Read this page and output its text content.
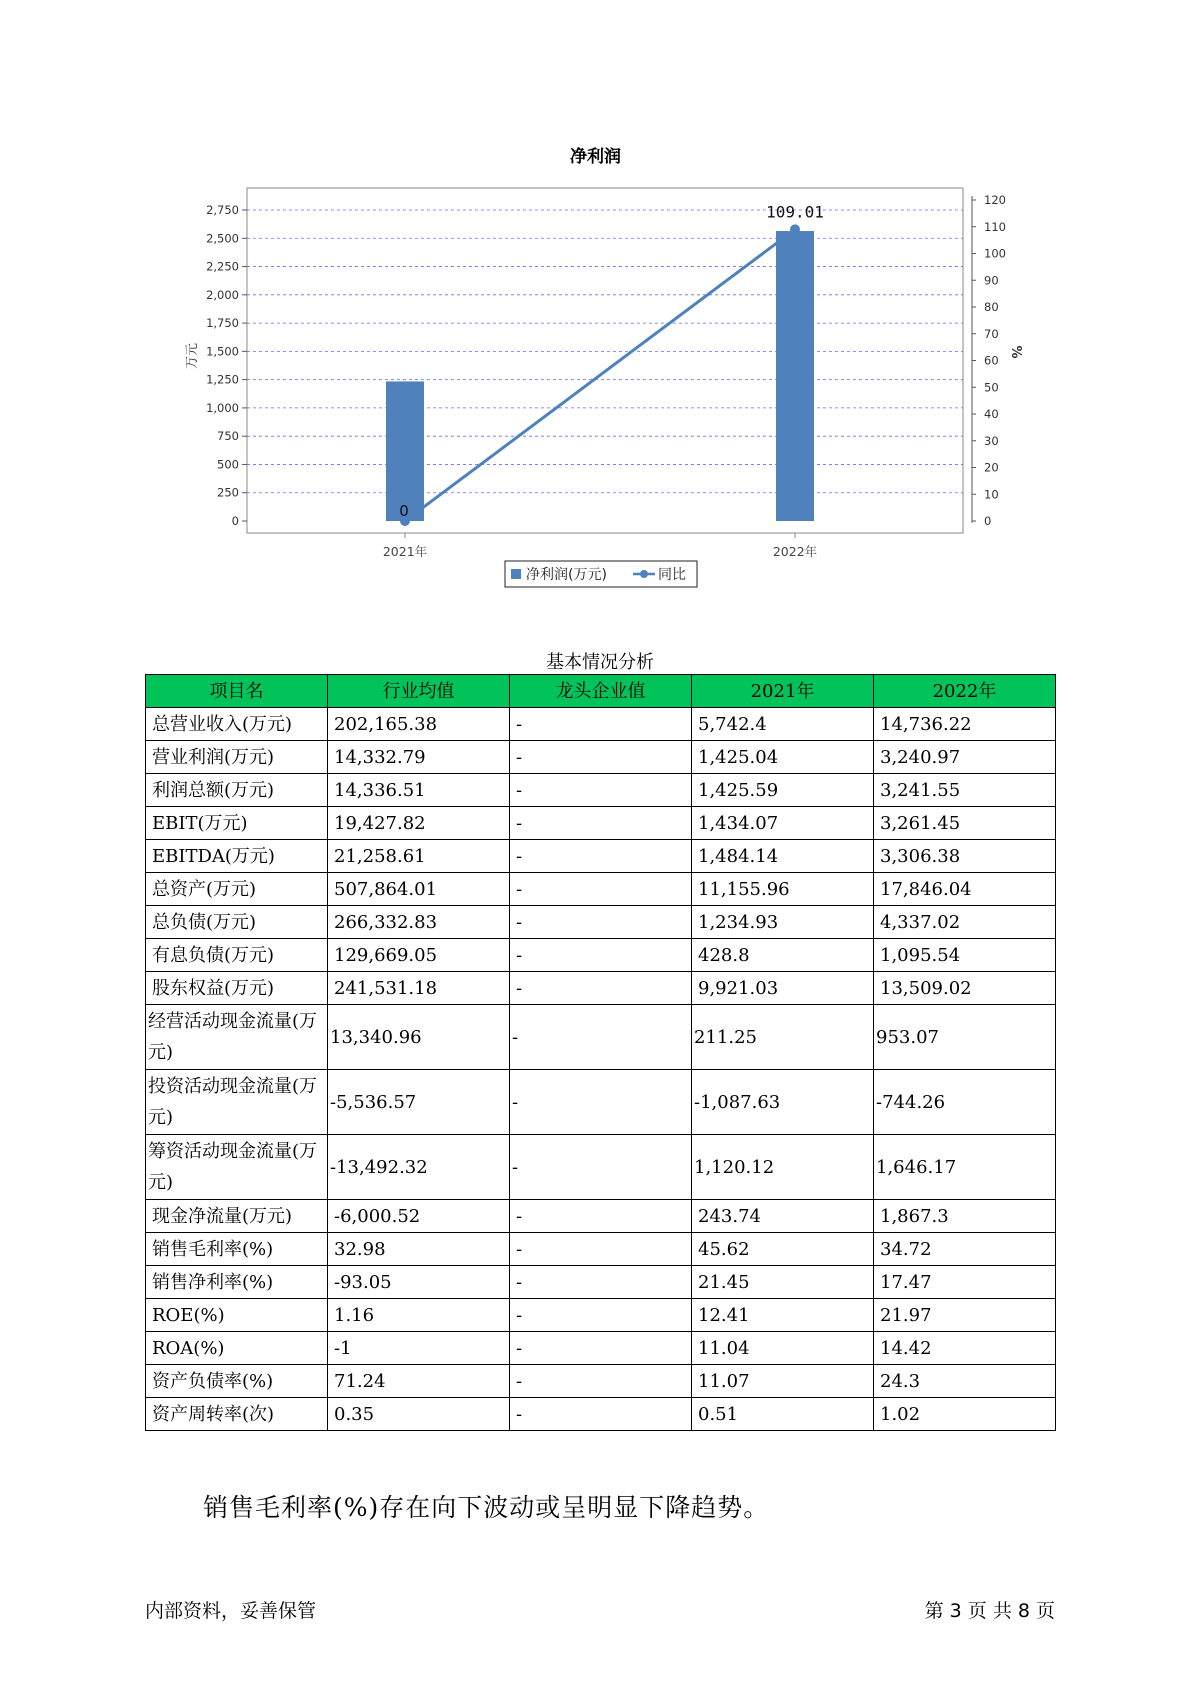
净利润
0
250
500
750
1,000
1,250
1,500
1,750
2,000
2,250
2,500
2,750
0
10
20
30
40
50
60
70
80
90
100
110
120
万元	%
2021年	2022年
0
109.01
净利润(万元)	同比
基本情况分析
项目名	行业均值	龙头企业值	2021年	2022年
总营业收入(万元)	202,165.38	-	5,742.4	14,736.22
营业利润(万元)	14,332.79	-	1,425.04	3,240.97
利润总额(万元)	14,336.51	-	1,425.59	3,241.55
EBIT(万元)	19,427.82	-	1,434.07	3,261.45
EBITDA(万元)	21,258.61	-	1,484.14	3,306.38
总资产(万元)	507,864.01	-	11,155.96	17,846.04
总负债(万元)	266,332.83	-	1,234.93	4,337.02
有息负债(万元)	129,669.05	-	428.8	1,095.54
股东权益(万元)	241,531.18	-	9,921.03	13,509.02
经营活动现金流量(万元)	13,340.96	-	211.25	953.07
投资活动现金流量(万元)	-5,536.57	-	-1,087.63	-744.26
筹资活动现金流量(万元)	-13,492.32	-	1,120.12	1,646.17
现金净流量(万元)	-6,000.52	-	243.74	1,867.3
销售毛利率(%)	32.98	-	45.62	34.72
销售净利率(%)	-93.05	-	21.45	17.47
ROE(%)	1.16	-	12.41	21.97
ROA(%)	-1	-	11.04	14.42
资产负债率(%)	71.24	-	11.07	24.3
资产周转率(次)	0.35	-	0.51	1.02
销售毛利率(%)存在向下波动或呈明显下降趋势。
内部资料，妥善保管	第 3 页 共 8 页
